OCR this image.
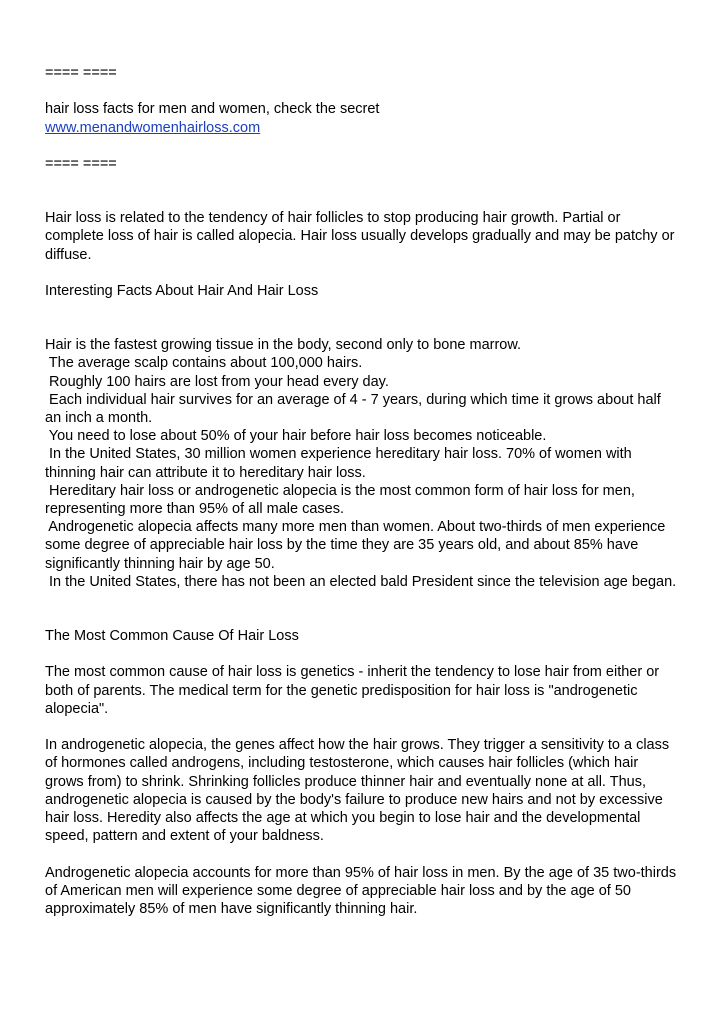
==== ====
hair loss facts for men and women, check the secret
www.menandwomenhairloss.com
==== ====
Hair loss is related to the tendency of hair follicles to stop producing hair growth. Partial or
complete loss of hair is called alopecia. Hair loss usually develops gradually and may be patchy or
diffuse.
Interesting Facts About Hair And Hair Loss
Hair is the fastest growing tissue in the body, second only to bone marrow.
The average scalp contains about 100,000 hairs.
Roughly 100 hairs are lost from your head every day.
Each individual hair survives for an average of 4 - 7 years, during which time it grows about half
an inch a month.
You need to lose about 50% of your hair before hair loss becomes noticeable.
In the United States, 30 million women experience hereditary hair loss. 70% of women with
thinning hair can attribute it to hereditary hair loss.
Hereditary hair loss or androgenetic alopecia is the most common form of hair loss for men,
representing more than 95% of all male cases.
Androgenetic alopecia affects many more men than women. About two-thirds of men experience
some degree of appreciable hair loss by the time they are 35 years old, and about 85% have
significantly thinning hair by age 50.
In the United States, there has not been an elected bald President since the television age began.
The Most Common Cause Of Hair Loss
The most common cause of hair loss is genetics - inherit the tendency to lose hair from either or
both of parents. The medical term for the genetic predisposition for hair loss is "androgenetic
alopecia".
In androgenetic alopecia, the genes affect how the hair grows. They trigger a sensitivity to a class
of hormones called androgens, including testosterone, which causes hair follicles (which hair
grows from) to shrink. Shrinking follicles produce thinner hair and eventually none at all. Thus,
androgenetic alopecia is caused by the body's failure to produce new hairs and not by excessive
hair loss. Heredity also affects the age at which you begin to lose hair and the developmental
speed, pattern and extent of your baldness.
Androgenetic alopecia accounts for more than 95% of hair loss in men. By the age of 35 two-thirds
of American men will experience some degree of appreciable hair loss and by the age of 50
approximately 85% of men have significantly thinning hair.
